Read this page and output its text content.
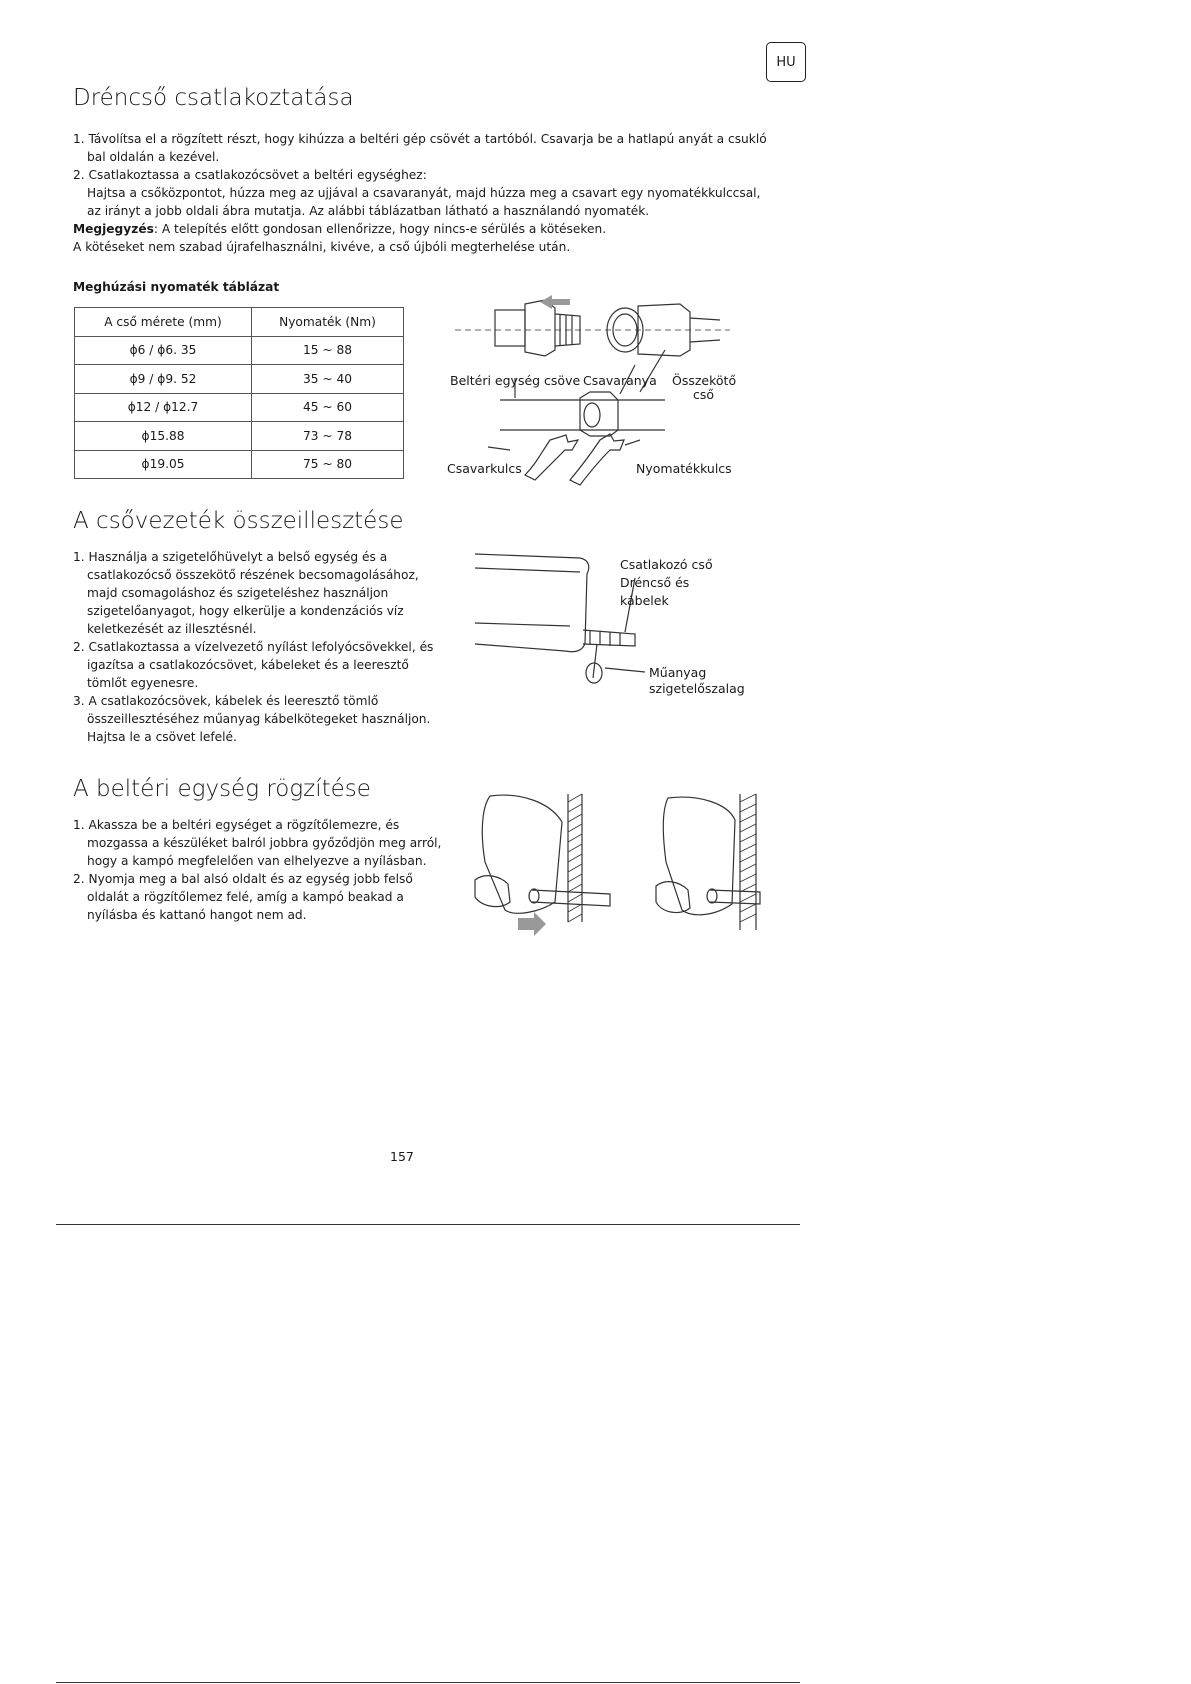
HU
Dréncső csatlakoztatása
1. Távolítsa el a rögzített részt, hogy kihúzza a beltéri gép csövét a tartóból. Csavarja be a hatlapú anyát a csukló bal oldalán a kezével.
2. Csatlakoztassa a csatlakozócsövet a beltéri egységhez:
Hajtsa a csőközpontot, húzza meg az ujjával a csavaranyát, majd húzza meg a csavart egy nyomatékkulccsal, az irányt a jobb oldali ábra mutatja. Az alábbi táblázatban látható a használandó nyomaték.
Megjegyzés: A telepítés előtt gondosan ellenőrizze, hogy nincs-e sérülés a kötéseken.
A kötéseket nem szabad újrafelhasználni, kivéve, a cső újbóli megterhelése után.
Meghúzási nyomaték táblázat
A cső mérete (mm)	Nyomaték (Nm)
ϕ6 / ϕ6. 35	15 ~ 88
ϕ9 / ϕ9. 52	35 ~ 40
ϕ12 / ϕ12.7	45 ~ 60
ϕ15.88	73 ~ 78
ϕ19.05	75 ~ 80
Beltéri egység csöve Csavaranya Összekötő
cső
Csavarkulcs	Nyomatékkulcs
A csővezeték összeillesztése
1. Használja a szigetelőhüvelyt a belső egység és a csatlakozócső összekötő részének becsomagolásához, majd csomagoláshoz és szigeteléshez használjon szigetelőanyagot, hogy elkerülje a kondenzációs víz keletkezését az illesztésnél.
2. Csatlakoztassa a vízelvezető nyílást lefolyócsövekkel, és igazítsa a csatlakozócsövet, kábeleket és a leeresztő tömlőt egyenesre.
3. A csatlakozócsövek, kábelek és leeresztő tömlő összeillesztéséhez műanyag kábelkötegeket használjon. Hajtsa le a csövet lefelé.
Csatlakozó cső
Dréncső és
kábelek
Műanyag
szigetelőszalag
A beltéri egység rögzítése
1. Akassza be a beltéri egységet a rögzítőlemezre, és mozgassa a készüléket balról jobbra győződjön meg arról, hogy a kampó megfelelően van elhelyezve a nyílásban.
2. Nyomja meg a bal alsó oldalt és az egység jobb felső oldalát a rögzítőlemez felé, amíg a kampó beakad a nyílásba és kattanó hangot nem ad.
157
